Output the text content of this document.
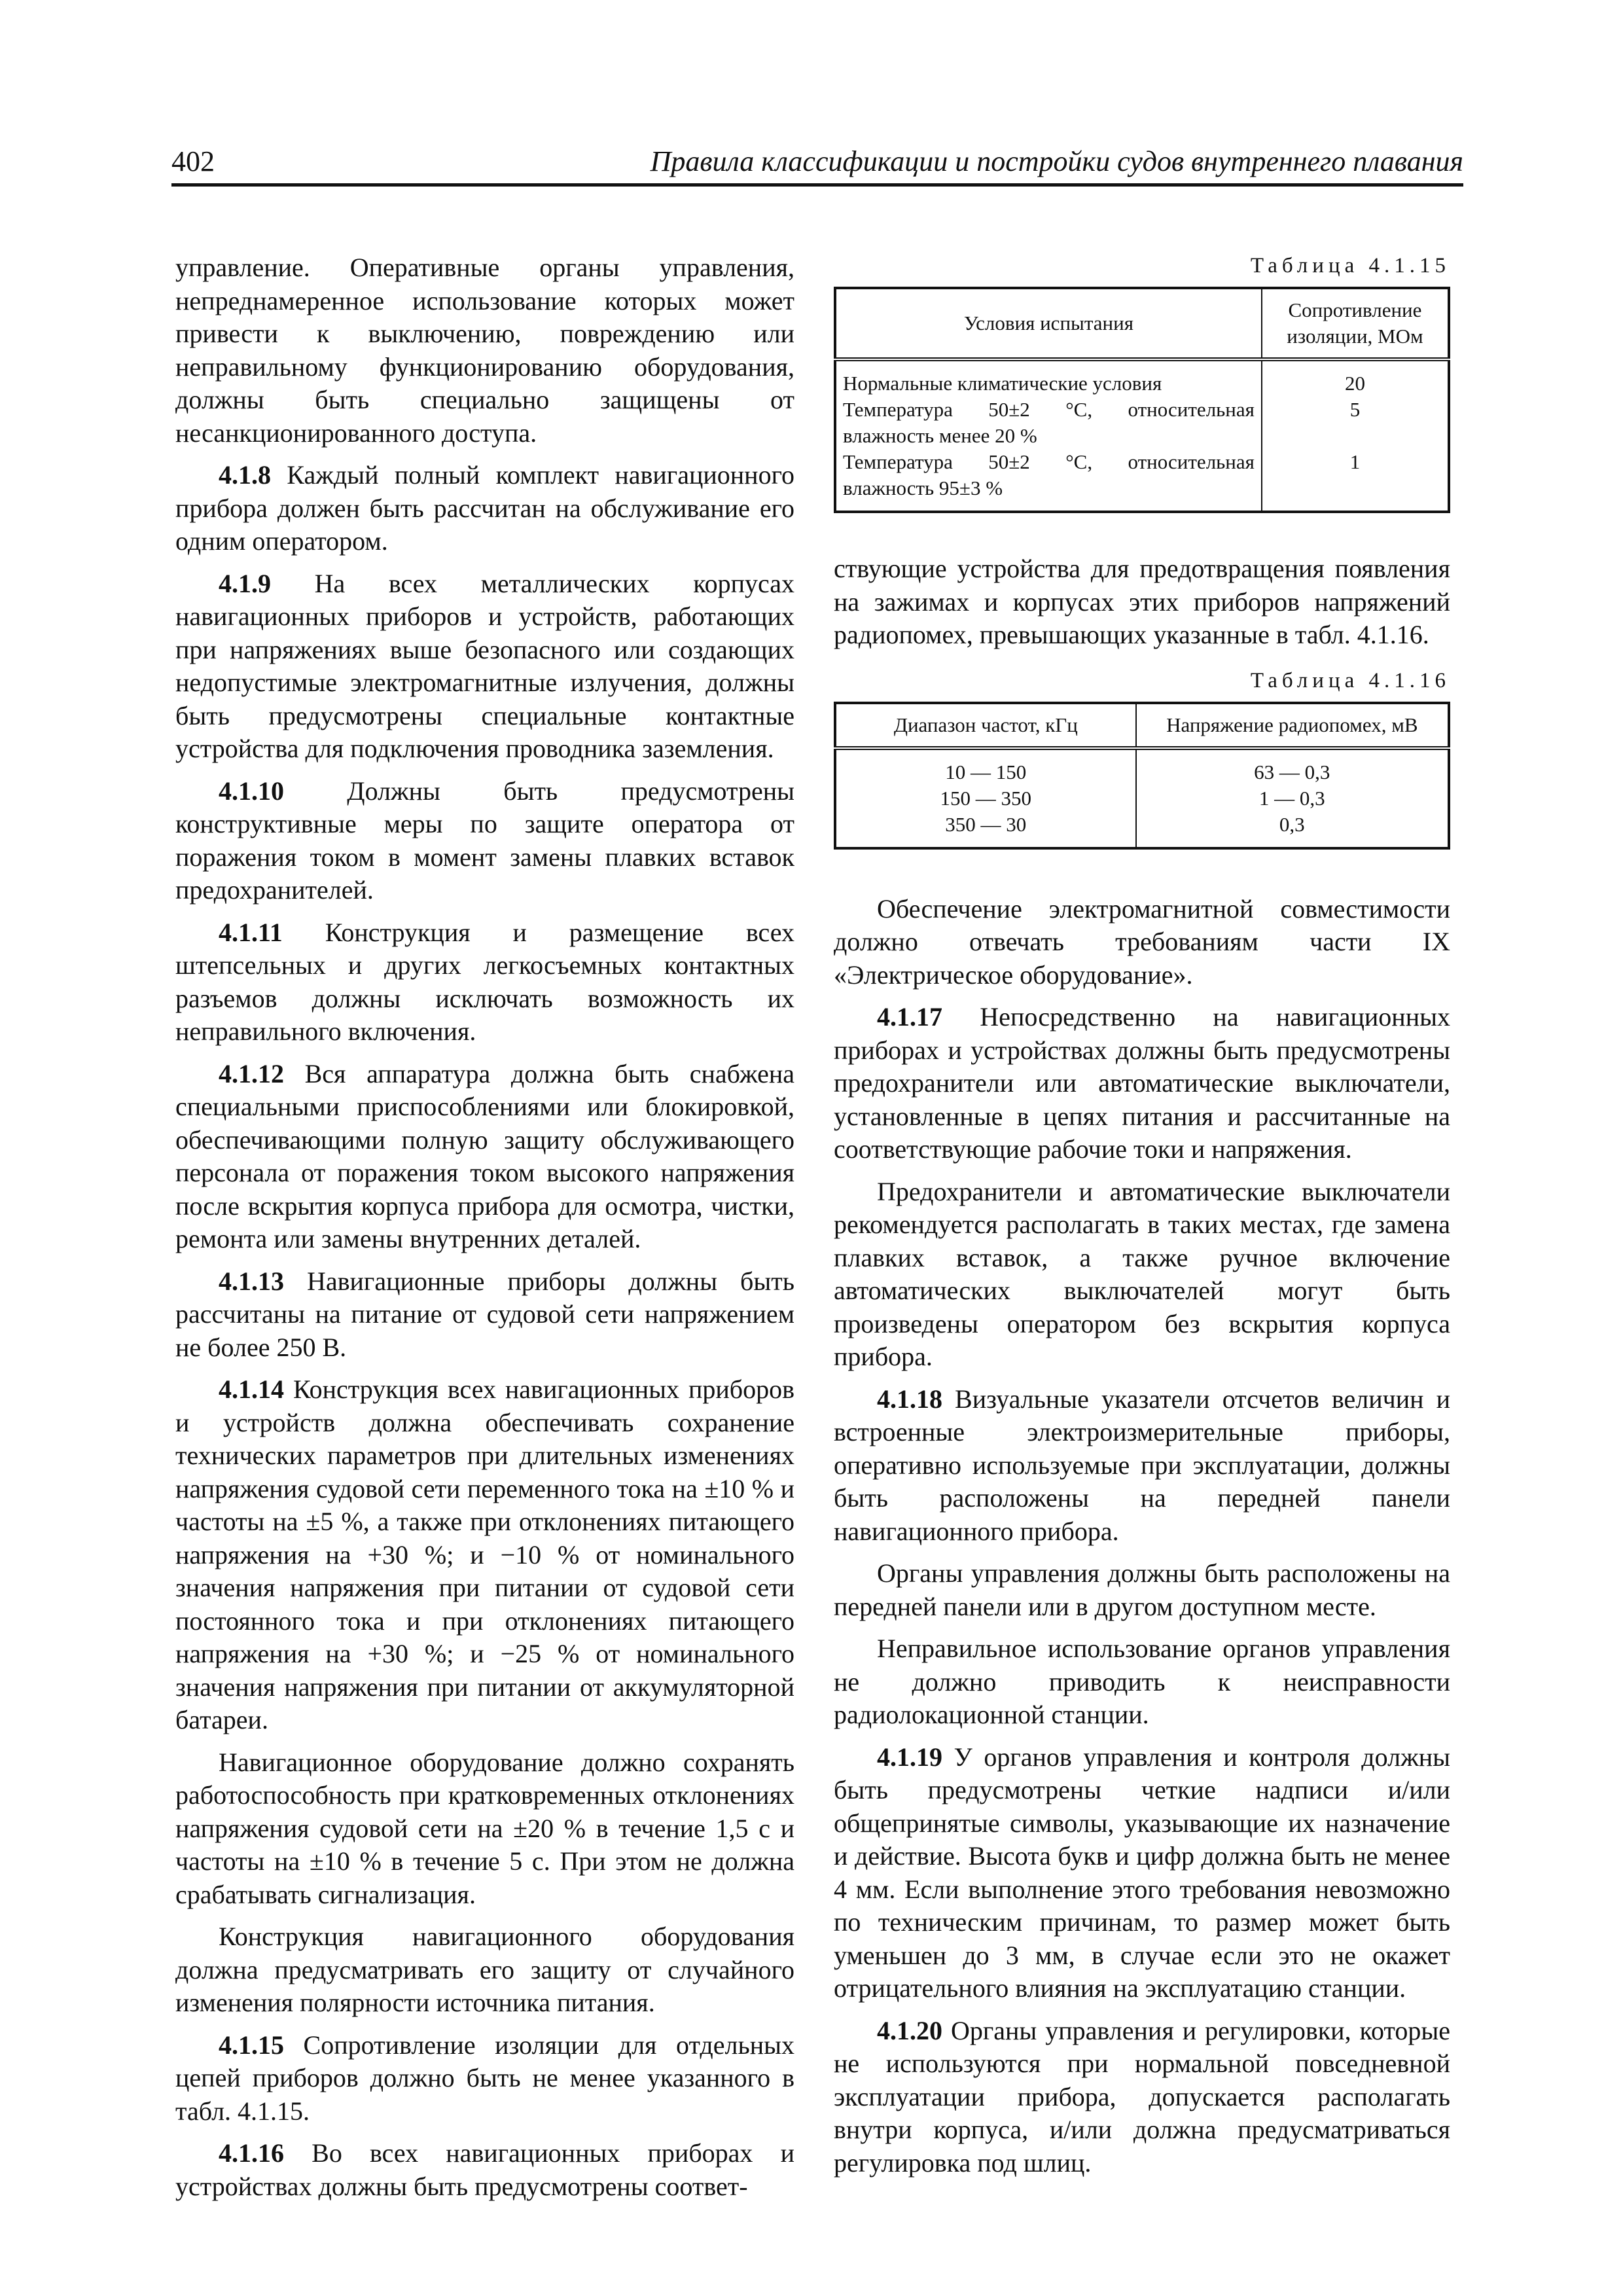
402	Правила классификации и постройки судов внутреннего плавания

управление. Оперативные органы управления, непреднамеренное использование которых может привести к выключению, повреждению или неправильному функционированию оборудования, должны быть специально защищены от несанкционированного доступа.

4.1.8 Каждый полный комплект навигационного прибора должен быть рассчитан на обслуживание его одним оператором.

4.1.9 На всех металлических корпусах навигационных приборов и устройств, работающих при напряжениях выше безопасного или создающих недопустимые электромагнитные излучения, должны быть предусмотрены специальные контактные устройства для подключения проводника заземления.

4.1.10 Должны быть предусмотрены конструктивные меры по защите оператора от поражения током в момент замены плавких вставок предохранителей.

4.1.11 Конструкция и размещение всех штепсельных и других легкосъемных контактных разъемов должны исключать возможность их неправильного включения.

4.1.12 Вся аппаратура должна быть снабжена специальными приспособлениями или блокировкой, обеспечивающими полную защиту обслуживающего персонала от поражения током высокого напряжения после вскрытия корпуса прибора для осмотра, чистки, ремонта или замены внутренних деталей.

4.1.13 Навигационные приборы должны быть рассчитаны на питание от судовой сети напряжением не более 250 В.

4.1.14 Конструкция всех навигационных приборов и устройств должна обеспечивать сохранение технических параметров при длительных изменениях напряжения судовой сети переменного тока на ±10 % и частоты на ±5 %, а также при отклонениях питающего напряжения на +30 %; и −10 % от номинального значения напряжения при питании от судовой сети постоянного тока и при отклонениях питающего напряжения на +30 %; и −25 % от номинального значения напряжения при питании от аккумуляторной батареи.

Навигационное оборудование должно сохранять работоспособность при кратковременных отклонениях напряжения судовой сети на ±20 % в течение 1,5 с и частоты на ±10 % в течение 5 с. При этом не должна срабатывать сигнализация.

Конструкция навигационного оборудования должна предусматривать его защиту от случайного изменения полярности источника питания.

4.1.15 Сопротивление изоляции для отдельных цепей приборов должно быть не менее указанного в табл. 4.1.15.

4.1.16 Во всех навигационных приборах и устройствах должны быть предусмотрены соответ-

Таблица 4.1.15
Условия испытания	Сопротивление изоляции, МОм
Нормальные климатические условия	20
Температура 50±2 °С, относительная влажность менее 20 %	5
Температура 50±2 °С, относительная влажность 95±3 %	1

ствующие устройства для предотвращения появления на зажимах и корпусах этих приборов напряжений радиопомех, превышающих указанные в табл. 4.1.16.

Таблица 4.1.16
Диапазон частот, кГц	Напряжение радиопомех, мВ
10 — 150	63 — 0,3
150 — 350	1 — 0,3
350 — 30	0,3

Обеспечение электромагнитной совместимости должно отвечать требованиям части IX «Электрическое оборудование».

4.1.17 Непосредственно на навигационных приборах и устройствах должны быть предусмотрены предохранители или автоматические выключатели, установленные в цепях питания и рассчитанные на соответствующие рабочие токи и напряжения.

Предохранители и автоматические выключатели рекомендуется располагать в таких местах, где замена плавких вставок, а также ручное включение автоматических выключателей могут быть произведены оператором без вскрытия корпуса прибора.

4.1.18 Визуальные указатели отсчетов величин и встроенные электроизмерительные приборы, оперативно используемые при эксплуатации, должны быть расположены на передней панели навигационного прибора.

Органы управления должны быть расположены на передней панели или в другом доступном месте.

Неправильное использование органов управления не должно приводить к неисправности радиолокационной станции.

4.1.19 У органов управления и контроля должны быть предусмотрены четкие надписи и/или общепринятые символы, указывающие их назначение и действие. Высота букв и цифр должна быть не менее 4 мм. Если выполнение этого требования невозможно по техническим причинам, то размер может быть уменьшен до 3 мм, в случае если это не окажет отрицательного влияния на эксплуатацию станции.

4.1.20 Органы управления и регулировки, которые не используются при нормальной повседневной эксплуатации прибора, допускается располагать внутри корпуса, и/или должна предусматриваться регулировка под шлиц.
